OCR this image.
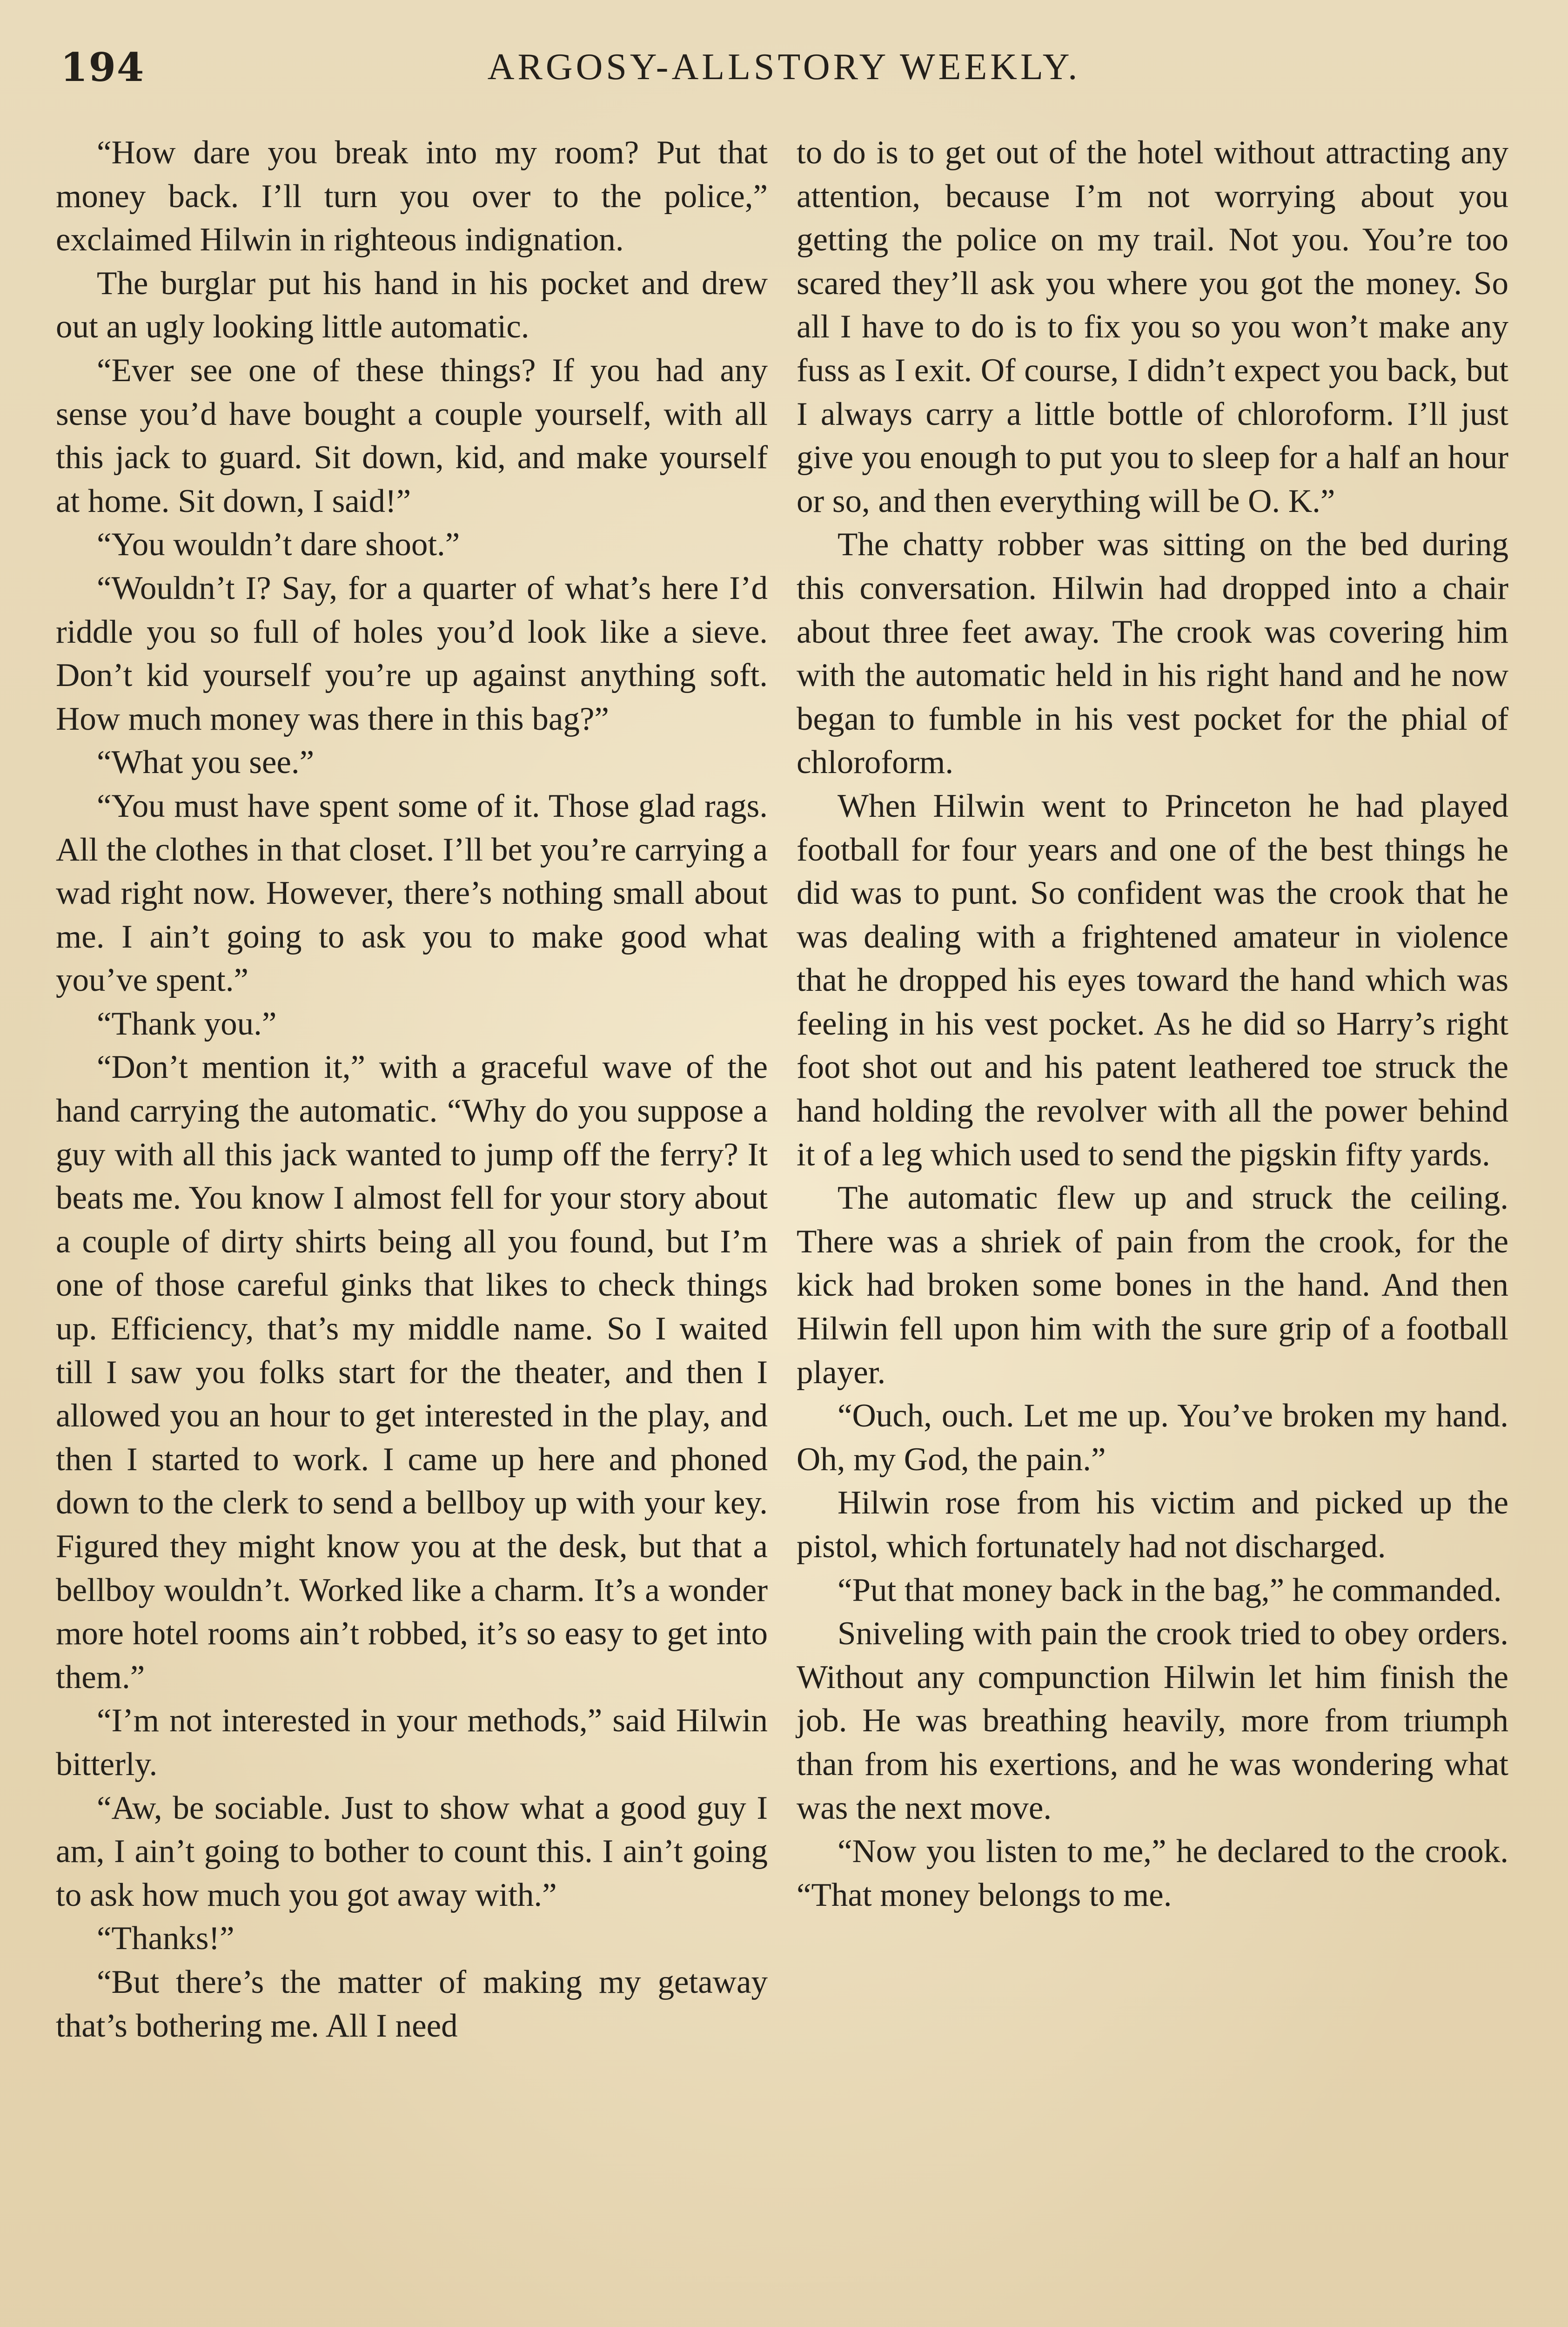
194	ARGOSY-ALLSTORY WEEKLY.

“How dare you break into my room? Put that money back. I’ll turn you over to the police,” exclaimed Hilwin in righteous indignation.

The burglar put his hand in his pocket and drew out an ugly looking little automatic.

“Ever see one of these things? If you had any sense you’d have bought a couple yourself, with all this jack to guard. Sit down, kid, and make yourself at home. Sit down, I said!”

“You wouldn’t dare shoot.”

“Wouldn’t I? Say, for a quarter of what’s here I’d riddle you so full of holes you’d look like a sieve. Don’t kid yourself you’re up against anything soft. How much money was there in this bag?”

“What you see.”

“You must have spent some of it. Those glad rags. All the clothes in that closet. I’ll bet you’re carrying a wad right now. However, there’s nothing small about me. I ain’t going to ask you to make good what you’ve spent.”

“Thank you.”

“Don’t mention it,” with a graceful wave of the hand carrying the automatic. “Why do you suppose a guy with all this jack wanted to jump off the ferry? It beats me. You know I almost fell for your story about a couple of dirty shirts being all you found, but I’m one of those careful ginks that likes to check things up. Efficiency, that’s my middle name. So I waited till I saw you folks start for the theater, and then I allowed you an hour to get interested in the play, and then I started to work. I came up here and phoned down to the clerk to send a bellboy up with your key. Figured they might know you at the desk, but that a bellboy wouldn’t. Worked like a charm. It’s a wonder more hotel rooms ain’t robbed, it’s so easy to get into them.”

“I’m not interested in your methods,” said Hilwin bitterly.

“Aw, be sociable. Just to show what a good guy I am, I ain’t going to bother to count this. I ain’t going to ask how much you got away with.”

“Thanks!”

“But there’s the matter of making my getaway that’s bothering me. All I need

to do is to get out of the hotel without attracting any attention, because I’m not worrying about you getting the police on my trail. Not you. You’re too scared they’ll ask you where you got the money. So all I have to do is to fix you so you won’t make any fuss as I exit. Of course, I didn’t expect you back, but I always carry a little bottle of chloroform. I’ll just give you enough to put you to sleep for a half an hour or so, and then everything will be O. K.”

The chatty robber was sitting on the bed during this conversation. Hilwin had dropped into a chair about three feet away. The crook was covering him with the automatic held in his right hand and he now began to fumble in his vest pocket for the phial of chloroform.

When Hilwin went to Princeton he had played football for four years and one of the best things he did was to punt. So confident was the crook that he was dealing with a frightened amateur in violence that he dropped his eyes toward the hand which was feeling in his vest pocket. As he did so Harry’s right foot shot out and his patent leathered toe struck the hand holding the revolver with all the power behind it of a leg which used to send the pigskin fifty yards.

The automatic flew up and struck the ceiling. There was a shriek of pain from the crook, for the kick had broken some bones in the hand. And then Hilwin fell upon him with the sure grip of a football player.

“Ouch, ouch. Let me up. You’ve broken my hand. Oh, my God, the pain.”

Hilwin rose from his victim and picked up the pistol, which fortunately had not discharged.

“Put that money back in the bag,” he commanded.

Sniveling with pain the crook tried to obey orders. Without any compunction Hilwin let him finish the job. He was breathing heavily, more from triumph than from his exertions, and he was wondering what was the next move.

“Now you listen to me,” he declared to the crook. “That money belongs to me.
